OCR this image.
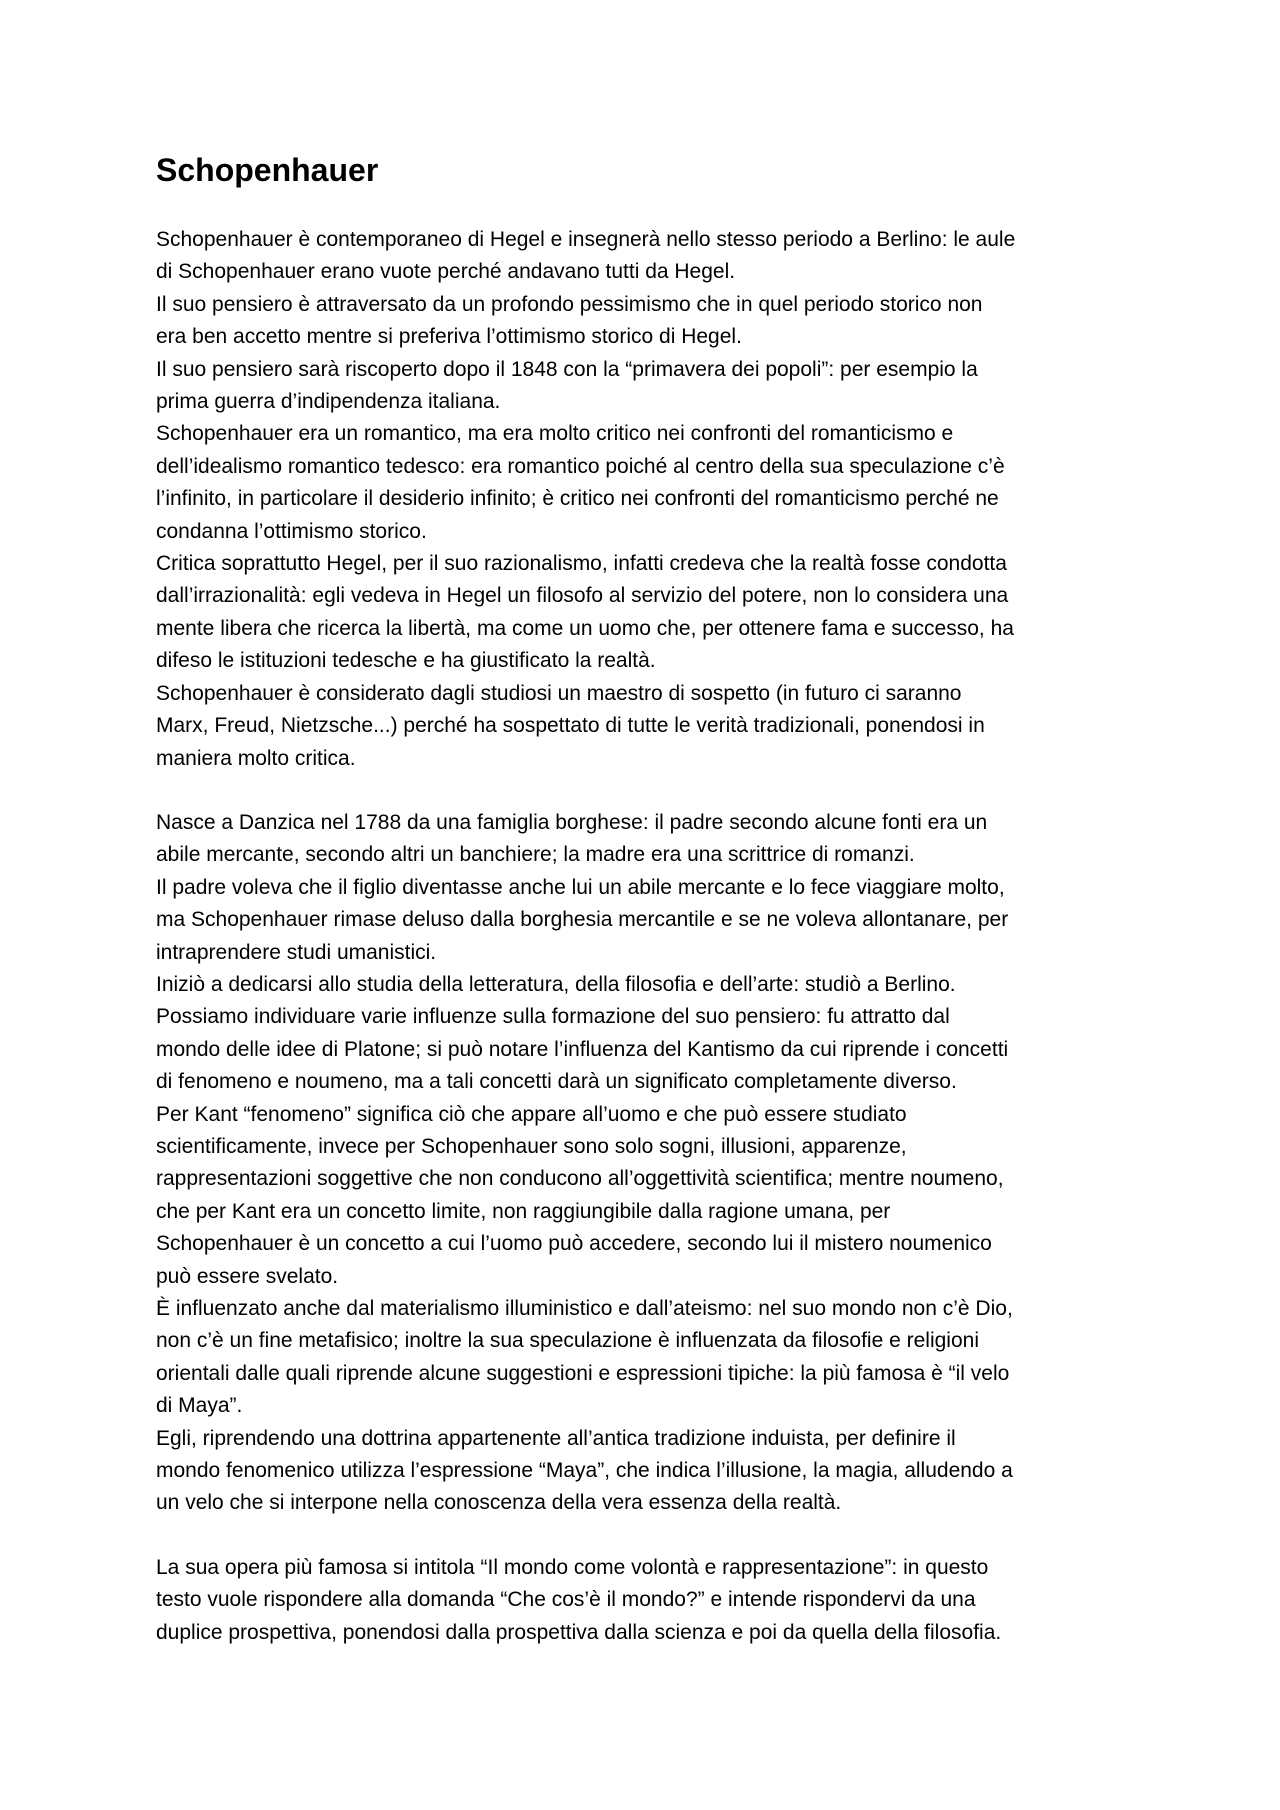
Schopenhauer

Schopenhauer è contemporaneo di Hegel e insegnerà nello stesso periodo a Berlino: le aule

di Schopenhauer erano vuote perché andavano tutti da Hegel.

Il suo pensiero è attraversato da un profondo pessimismo che in quel periodo storico non

era ben accetto mentre si preferiva l’ottimismo storico di Hegel.

Il suo pensiero sarà riscoperto dopo il 1848 con la “primavera dei popoli”: per esempio la

prima guerra d’indipendenza italiana.

Schopenhauer era un romantico, ma era molto critico nei confronti del romanticismo e

dell’idealismo romantico tedesco: era romantico poiché al centro della sua speculazione c’è

l’infinito, in particolare il desiderio infinito; è critico nei confronti del romanticismo perché ne

condanna l’ottimismo storico.

Critica soprattutto Hegel, per il suo razionalismo, infatti credeva che la realtà fosse condotta

dall’irrazionalità: egli vedeva in Hegel un filosofo al servizio del potere, non lo considera una

mente libera che ricerca la libertà, ma come un uomo che, per ottenere fama e successo, ha

difeso le istituzioni tedesche e ha giustificato la realtà.

Schopenhauer è considerato dagli studiosi un maestro di sospetto (in futuro ci saranno

Marx, Freud, Nietzsche...) perché ha sospettato di tutte le verità tradizionali, ponendosi in

maniera molto critica.

Nasce a Danzica nel 1788 da una famiglia borghese: il padre secondo alcune fonti era un

abile mercante, secondo altri un banchiere; la madre era una scrittrice di romanzi.

Il padre voleva che il figlio diventasse anche lui un abile mercante e lo fece viaggiare molto,

ma Schopenhauer rimase deluso dalla borghesia mercantile e se ne voleva allontanare, per

intraprendere studi umanistici.

Iniziò a dedicarsi allo studia della letteratura, della filosofia e dell’arte: studiò a Berlino.

Possiamo individuare varie influenze sulla formazione del suo pensiero: fu attratto dal

mondo delle idee di Platone; si può notare l’influenza del Kantismo da cui riprende i concetti

di fenomeno e noumeno, ma a tali concetti darà un significato completamente diverso.

Per Kant “fenomeno” significa ciò che appare all’uomo e che può essere studiato

scientificamente, invece per Schopenhauer sono solo sogni, illusioni, apparenze,

rappresentazioni soggettive che non conducono all’oggettività scientifica; mentre noumeno,

che per Kant era un concetto limite, non raggiungibile dalla ragione umana, per

Schopenhauer è un concetto a cui l’uomo può accedere, secondo lui il mistero noumenico

può essere svelato.

È influenzato anche dal materialismo illuministico e dall’ateismo: nel suo mondo non c’è Dio,

non c’è un fine metafisico; inoltre la sua speculazione è influenzata da filosofie e religioni

orientali dalle quali riprende alcune suggestioni e espressioni tipiche: la più famosa è “il velo

di Maya”.

Egli, riprendendo una dottrina appartenente all’antica tradizione induista, per definire il

mondo fenomenico utilizza l’espressione “Maya”, che indica l’illusione, la magia, alludendo a

un velo che si interpone nella conoscenza della vera essenza della realtà.

La sua opera più famosa si intitola “Il mondo come volontà e rappresentazione”: in questo

testo vuole rispondere alla domanda “Che cos’è il mondo?” e intende rispondervi da una

duplice prospettiva, ponendosi dalla prospettiva dalla scienza e poi da quella della filosofia.
